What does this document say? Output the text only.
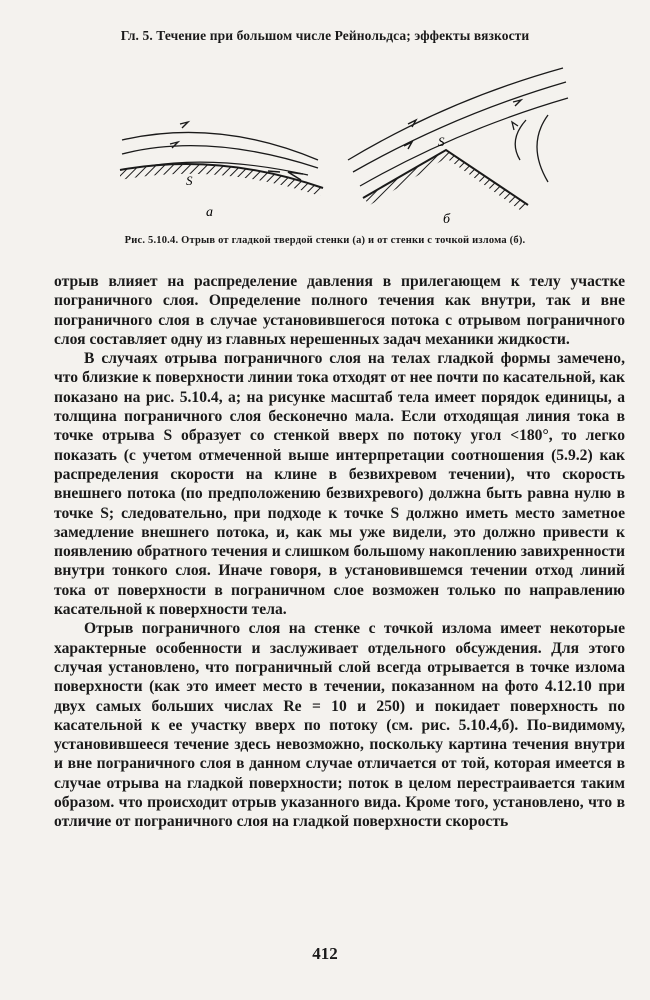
Гл. 5. Течение при большом числе Рейнольдса; эффекты вязкости
S
а
S
б
Рис. 5.10.4. Отрыв от гладкой твердой стенки (а) и от стенки с точкой излома (б).

отрыв влияет на распределение давления в прилегающем к телу участке пограничного слоя. Определение полного течения как внутри, так и вне пограничного слоя в случае установившегося потока с отрывом пограничного слоя составляет одну из главных нерешенных задач механики жидкости.

В случаях отрыва пограничного слоя на телах гладкой формы замечено, что близкие к поверхности линии тока отходят от нее почти по касательной, как показано на рис. 5.10.4, а; на рисунке масштаб тела имеет порядок единицы, а толщина пограничного слоя бесконечно мала. Если отходящая линия тока в точке отрыва S образует со стенкой вверх по потоку угол <180°, то легко показать (с учетом отмеченной выше интерпретации соотношения (5.9.2) как распределения скорости на клине в безвихревом течении), что скорость внешнего потока (по предположению безвихревого) должна быть равна нулю в точке S; следовательно, при подходе к точке S должно иметь место заметное замедление внешнего потока, и, как мы уже видели, это должно привести к появлению обратного течения и слишком большому накоплению завихренности внутри тонкого слоя. Иначе говоря, в установившемся течении отход линий тока от поверхности в пограничном слое возможен только по направлению касательной к поверхности тела.

Отрыв пограничного слоя на стенке с точкой излома имеет некоторые характерные особенности и заслуживает отдельного обсуждения. Для этого случая установлено, что пограничный слой всегда отрывается в точке излома поверхности (как это имеет место в течении, показанном на фото 4.12.10 при двух самых больших числах Re = 10 и 250) и покидает поверхность по касательной к ее участку вверх по потоку (см. рис. 5.10.4,б). По-видимому, установившееся течение здесь невозможно, поскольку картина течения внутри и вне пограничного слоя в данном случае отличается от той, которая имеется в случае отрыва на гладкой поверхности; поток в целом перестраивается таким образом. что происходит отрыв указанного вида. Кроме того, установлено, что в отличие от пограничного слоя на гладкой поверхности скорость

412
